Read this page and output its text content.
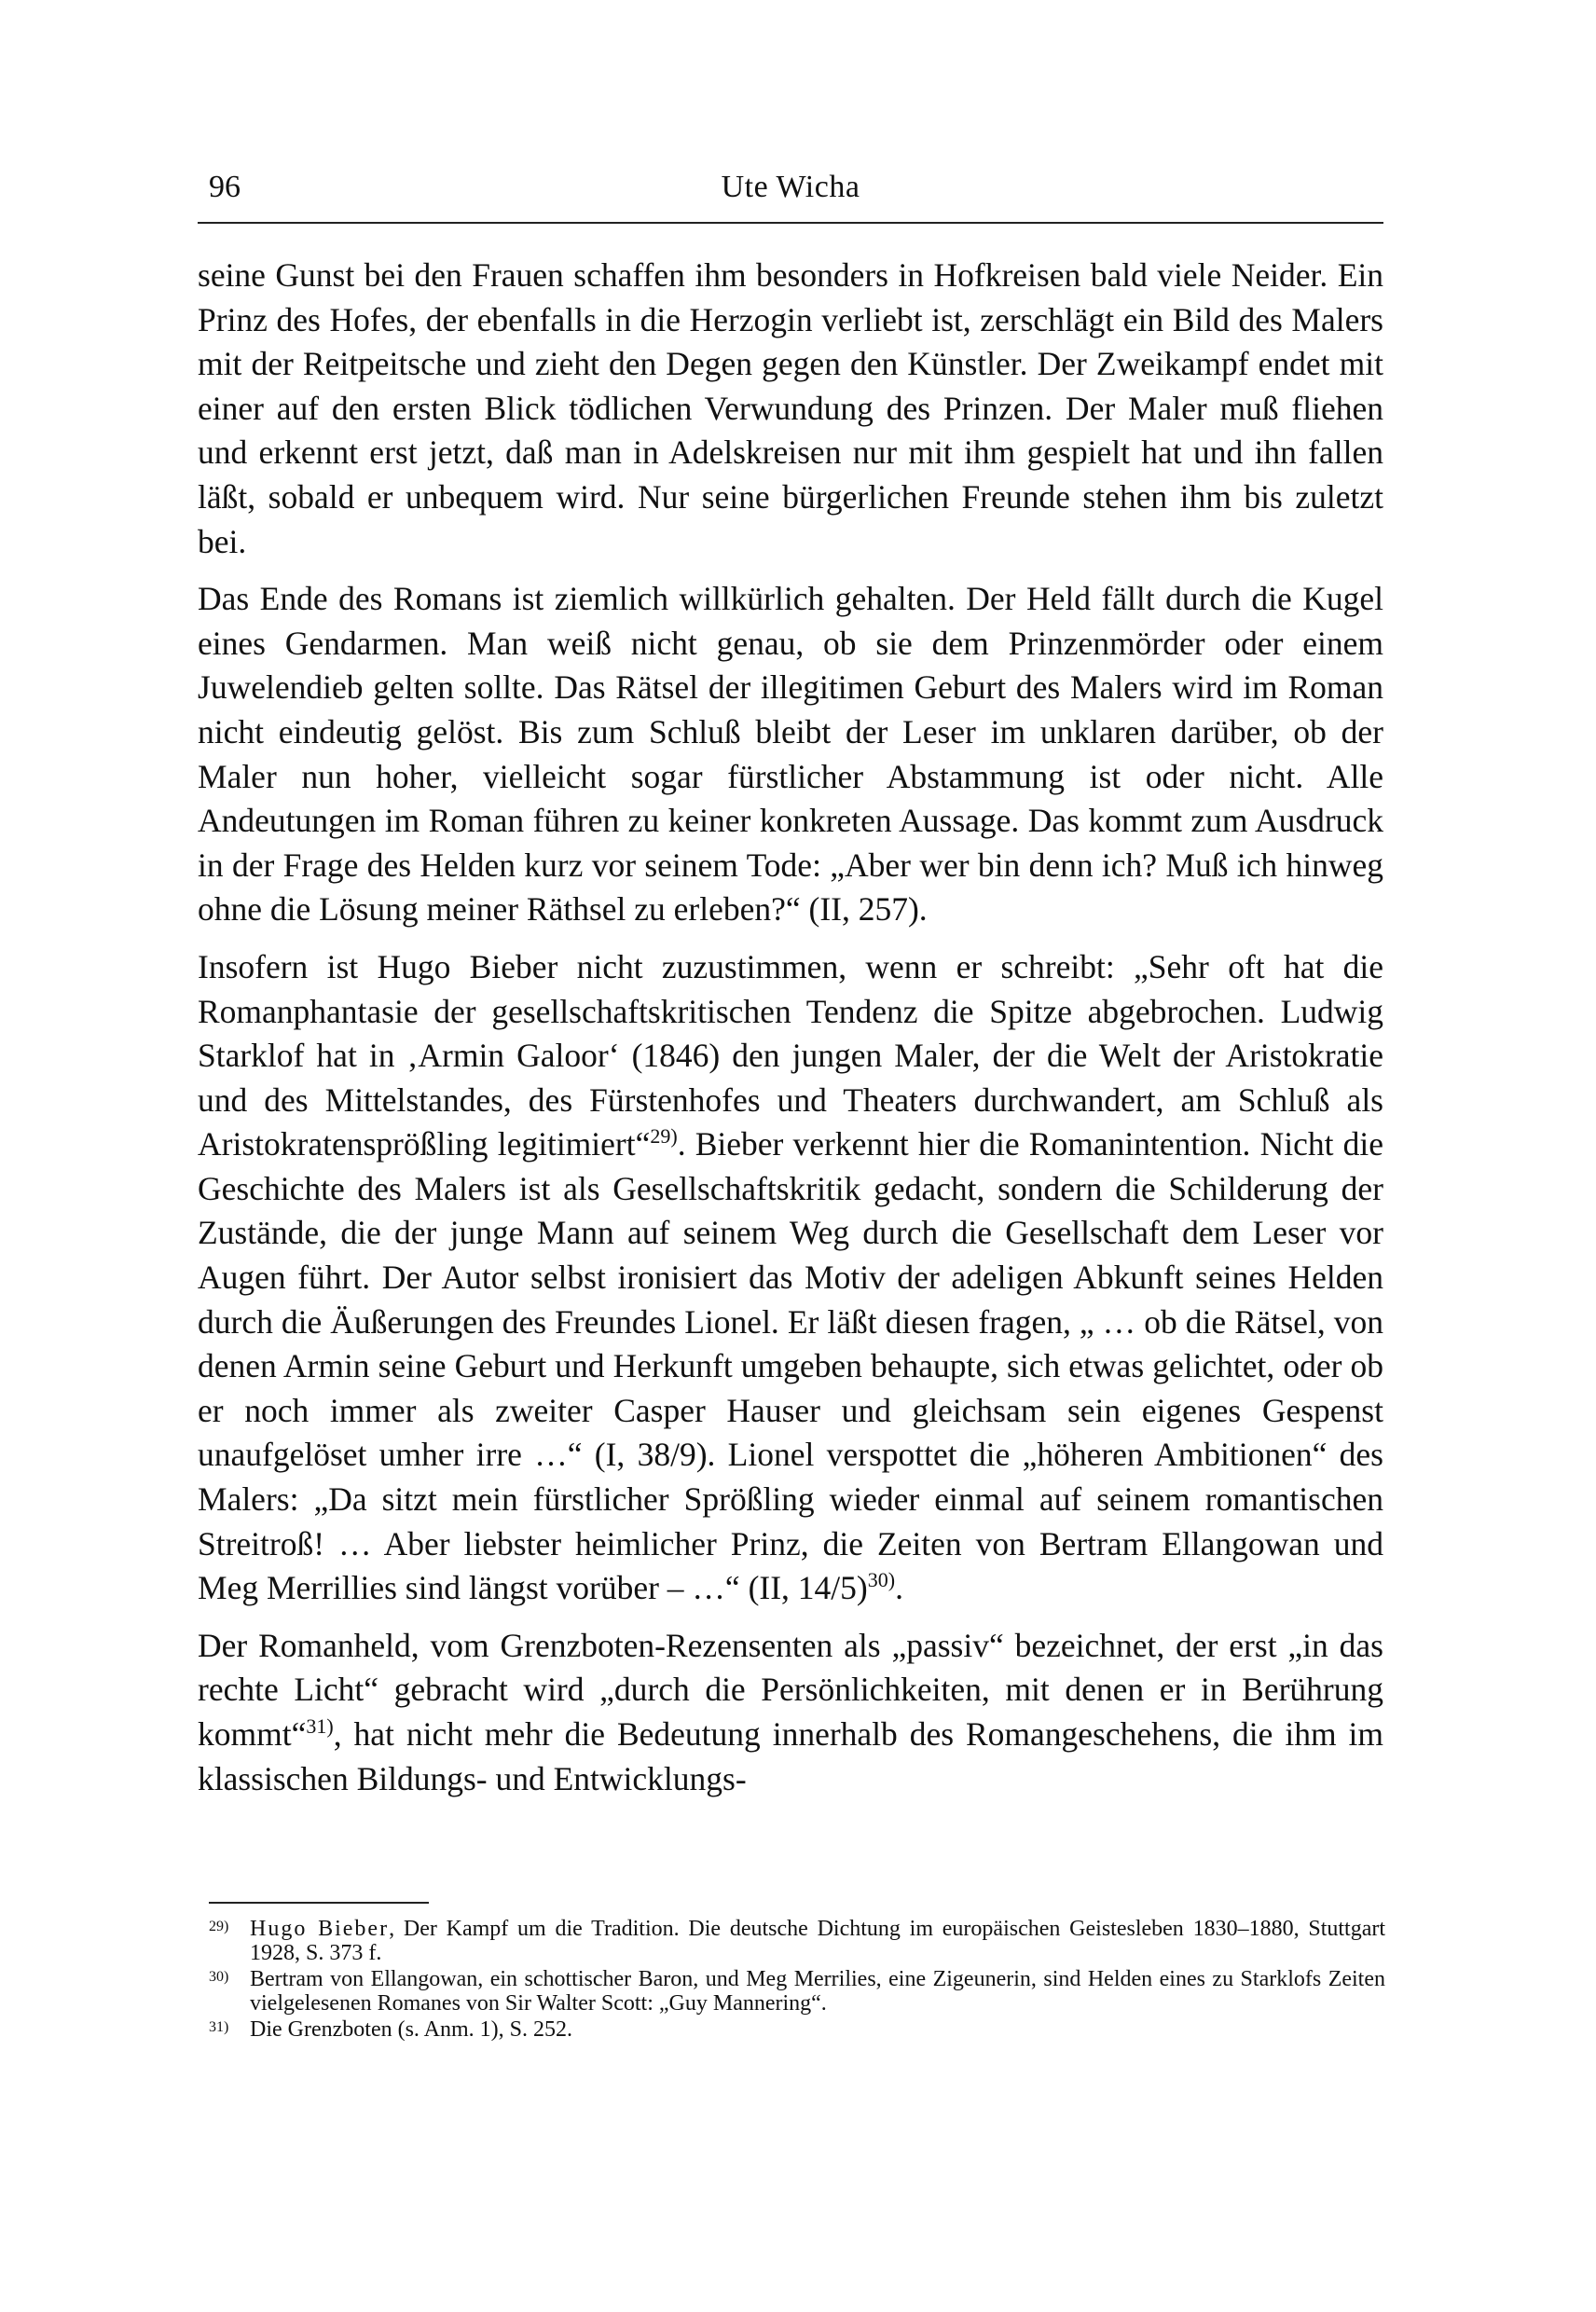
96	Ute Wicha

seine Gunst bei den Frauen schaffen ihm besonders in Hofkreisen bald viele Neider. Ein Prinz des Hofes, der ebenfalls in die Herzogin verliebt ist, zerschlägt ein Bild des Malers mit der Reitpeitsche und zieht den Degen gegen den Künstler. Der Zweikampf endet mit einer auf den ersten Blick tödlichen Verwundung des Prinzen. Der Maler muß fliehen und erkennt erst jetzt, daß man in Adelskreisen nur mit ihm gespielt hat und ihn fallen läßt, sobald er unbequem wird. Nur seine bürgerlichen Freunde stehen ihm bis zuletzt bei.

Das Ende des Romans ist ziemlich willkürlich gehalten. Der Held fällt durch die Kugel eines Gendarmen. Man weiß nicht genau, ob sie dem Prinzenmörder oder einem Juwelendieb gelten sollte. Das Rätsel der illegitimen Geburt des Malers wird im Roman nicht eindeutig gelöst. Bis zum Schluß bleibt der Leser im unklaren darüber, ob der Maler nun hoher, vielleicht sogar fürstlicher Abstammung ist oder nicht. Alle Andeutungen im Roman führen zu keiner konkreten Aussage. Das kommt zum Ausdruck in der Frage des Helden kurz vor seinem Tode: „Aber wer bin denn ich? Muß ich hinweg ohne die Lösung meiner Räthsel zu erleben?“ (II, 257).

Insofern ist Hugo Bieber nicht zuzustimmen, wenn er schreibt: „Sehr oft hat die Romanphantasie der gesellschaftskritischen Tendenz die Spitze abgebrochen. Ludwig Starklof hat in ‚Armin Galoor‘ (1846) den jungen Maler, der die Welt der Aristokratie und des Mittelstandes, des Fürstenhofes und Theaters durchwandert, am Schluß als Aristokratensprößling legitimiert“$^{29)}$. Bieber verkennt hier die Romanintention. Nicht die Geschichte des Malers ist als Gesellschaftskritik gedacht, sondern die Schilderung der Zustände, die der junge Mann auf seinem Weg durch die Gesellschaft dem Leser vor Augen führt. Der Autor selbst ironisiert das Motiv der adeligen Abkunft seines Helden durch die Äußerungen des Freundes Lionel. Er läßt diesen fragen, „ … ob die Rätsel, von denen Armin seine Geburt und Herkunft umgeben behaupte, sich etwas gelichtet, oder ob er noch immer als zweiter Casper Hauser und gleichsam sein eigenes Gespenst unaufgelöset umher irre …“ (I, 38/9). Lionel verspottet die „höheren Ambitionen“ des Malers: „Da sitzt mein fürstlicher Sprößling wieder einmal auf seinem romantischen Streitroß! … Aber liebster heimlicher Prinz, die Zeiten von Bertram Ellangowan und Meg Merrillies sind längst vorüber – …“ (II, 14/5)$^{30)}$.

Der Romanheld, vom Grenzboten-Rezensenten als „passiv“ bezeichnet, der erst „in das rechte Licht“ gebracht wird „durch die Persönlichkeiten, mit denen er in Berührung kommt“$^{31)}$, hat nicht mehr die Bedeutung innerhalb des Romangeschehens, die ihm im klassischen Bildungs- und Entwicklungs-

29) Hugo Bieber, Der Kampf um die Tradition. Die deutsche Dichtung im europäischen Geistesleben 1830–1880, Stuttgart 1928, S. 373 f.
30) Bertram von Ellangowan, ein schottischer Baron, und Meg Merrilies, eine Zigeunerin, sind Helden eines zu Starklofs Zeiten vielgelesenen Romanes von Sir Walter Scott: „Guy Mannering“.
31) Die Grenzboten (s. Anm. 1), S. 252.
